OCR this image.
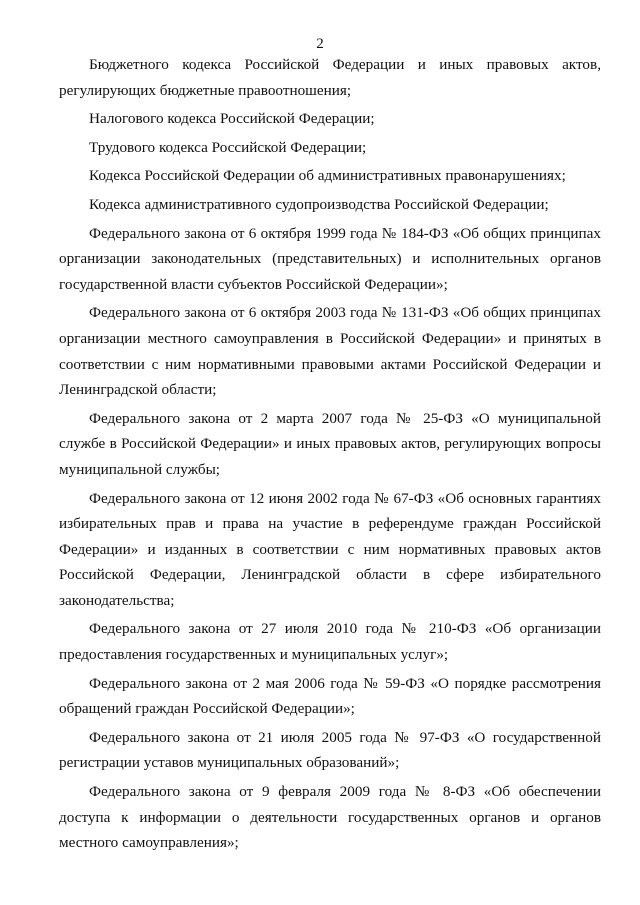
2

Бюджетного кодекса Российской Федерации и иных правовых актов, регулирующих бюджетные правоотношения;

Налогового кодекса Российской Федерации;

Трудового кодекса Российской Федерации;

Кодекса Российской Федерации об административных правонарушениях;

Кодекса административного судопроизводства Российской Федерации;

Федерального закона от 6 октября 1999 года № 184-ФЗ «Об общих принципах организации законодательных (представительных) и исполнительных органов государственной власти субъектов Российской Федерации»;

Федерального закона от 6 октября 2003 года № 131-ФЗ «Об общих принципах организации местного самоуправления в Российской Федерации» и принятых в соответствии с ним нормативными правовыми актами Российской Федерации и Ленинградской области;

Федерального закона от 2 марта 2007 года № 25-ФЗ «О муниципальной службе в Российской Федерации» и иных правовых актов, регулирующих вопросы муниципальной службы;

Федерального закона от 12 июня 2002 года № 67-ФЗ «Об основных гарантиях избирательных прав и права на участие в референдуме граждан Российской Федерации» и изданных в соответствии с ним нормативных правовых актов Российской Федерации, Ленинградской области в сфере избирательного законодательства;

Федерального закона от 27 июля 2010 года № 210-ФЗ «Об организации предоставления государственных и муниципальных услуг»;

Федерального закона от 2 мая 2006 года № 59-ФЗ «О порядке рассмотрения обращений граждан Российской Федерации»;

Федерального закона от 21 июля 2005 года № 97-ФЗ «О государственной регистрации уставов муниципальных образований»;

Федерального закона от 9 февраля 2009 года № 8-ФЗ «Об обеспечении доступа к информации о деятельности государственных органов и органов местного самоуправления»;
